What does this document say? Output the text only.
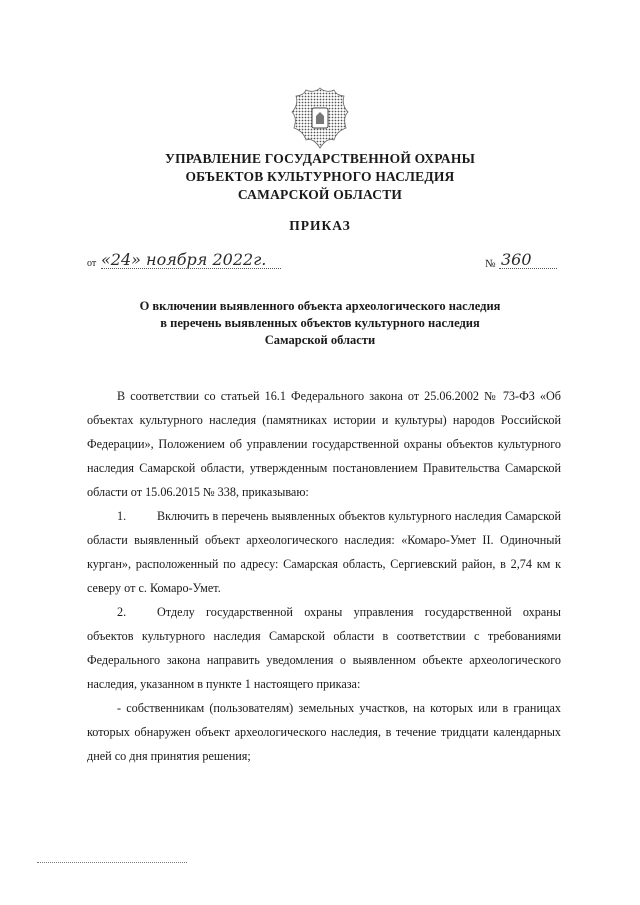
УПРАВЛЕНИЕ ГОСУДАРСТВЕННОЙ ОХРАНЫ
ОБЪЕКТОВ КУЛЬТУРНОГО НАСЛЕДИЯ
САМАРСКОЙ ОБЛАСТИ
ПРИКАЗ
от «24» ноября 2022г.	№ 360
О включении выявленного объекта археологического наследия
в перечень выявленных объектов культурного наследия
Самарской области

В соответствии со статьей 16.1 Федерального закона от 25.06.2002 № 73-ФЗ «Об объектах культурного наследия (памятниках истории и культуры) народов Российской Федерации», Положением об управлении государственной охраны объектов культурного наследия Самарской области, утвержденным постановлением Правительства Самарской области от 15.06.2015 № 338, приказываю:

1.	Включить в перечень выявленных объектов культурного наследия Самарской области выявленный объект археологического наследия: «Комаро-Умет II. Одиночный курган», расположенный по адресу: Самарская область, Сергиевский район, в 2,74 км к северу от с. Комаро-Умет.

2.	Отделу государственной охраны управления государственной охраны объектов культурного наследия Самарской области в соответствии с требованиями Федерального закона направить уведомления о выявленном объекте археологического наследия, указанном в пункте 1 настоящего приказа:

- собственникам (пользователям) земельных участков, на которых или в границах которых обнаружен объект археологического наследия, в течение тридцати календарных дней со дня принятия решения;
